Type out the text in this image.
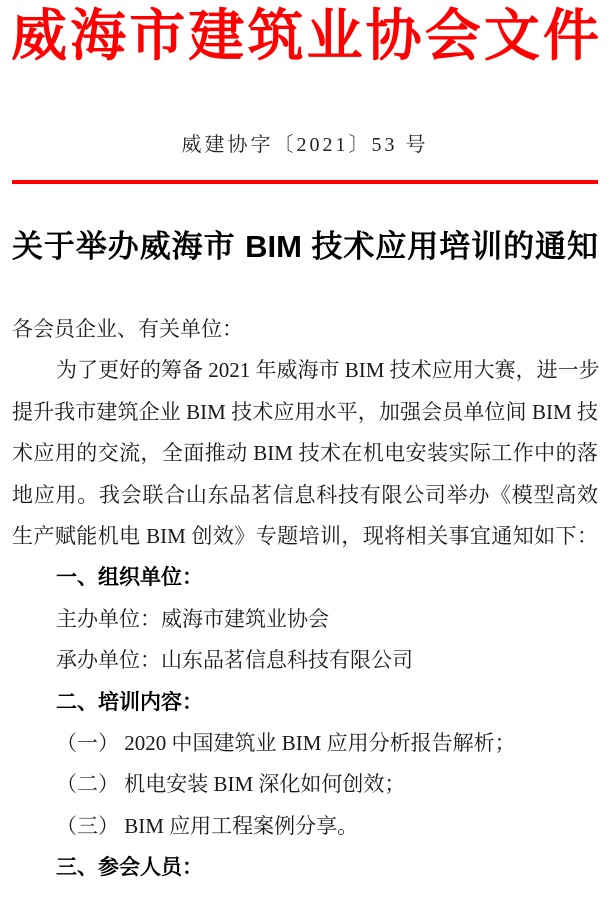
威海市建筑业协会文件
威建协字〔2021〕53 号
关于举办威海市 BIM 技术应用培训的通知
各会员企业、有关单位：
为了更好的筹备 2021 年威海市 BIM 技术应用大赛，进一步
提升我市建筑企业 BIM 技术应用水平，加强会员单位间 BIM 技
术应用的交流，全面推动 BIM 技术在机电安装实际工作中的落
地应用。我会联合山东品茗信息科技有限公司举办《模型高效
生产赋能机电 BIM 创效》专题培训，现将相关事宜通知如下：
一、组织单位：
主办单位：威海市建筑业协会
承办单位：山东品茗信息科技有限公司
二、培训内容：
（一） 2020 中国建筑业 BIM 应用分析报告解析；
（二） 机电安装 BIM 深化如何创效；
（三） BIM 应用工程案例分享。
三、参会人员：
